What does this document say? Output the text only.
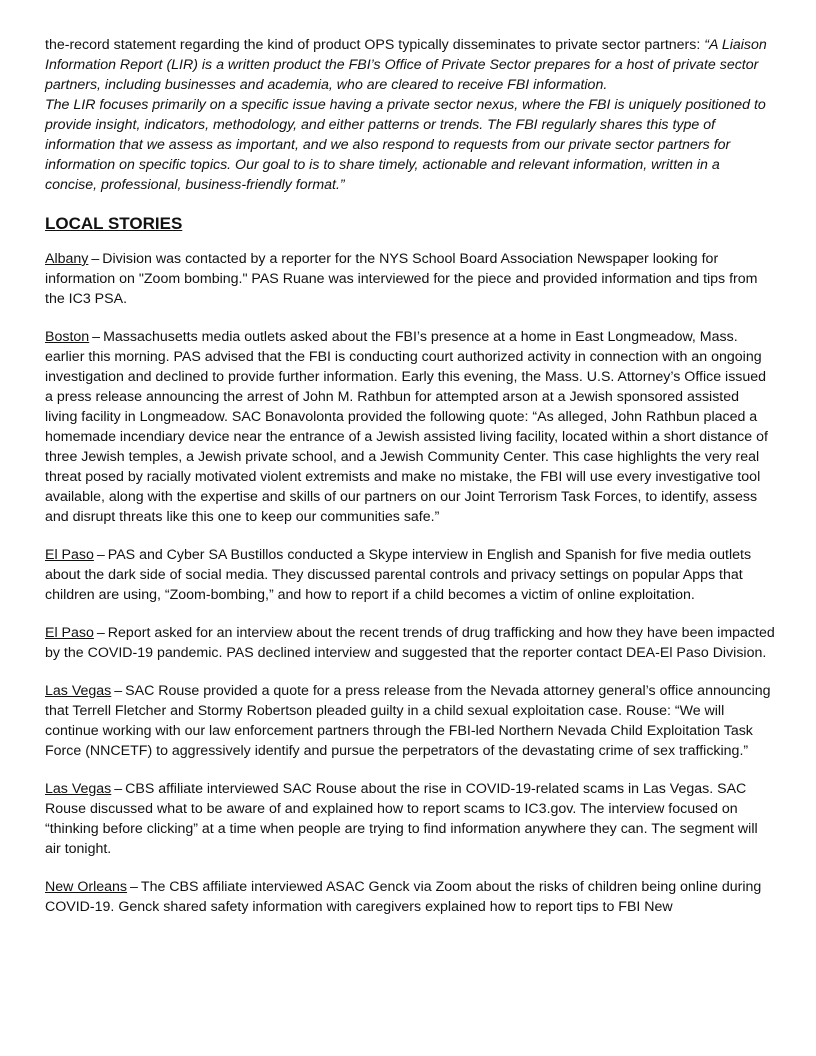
the-record statement regarding the kind of product OPS typically disseminates to private sector partners: “A Liaison Information Report (LIR) is a written product the FBI’s Office of Private Sector prepares for a host of private sector partners, including businesses and academia, who are cleared to receive FBI information.
The LIR focuses primarily on a specific issue having a private sector nexus, where the FBI is uniquely positioned to provide insight, indicators, methodology, and either patterns or trends. The FBI regularly shares this type of information that we assess as important, and we also respond to requests from our private sector partners for information on specific topics. Our goal to is to share timely, actionable and relevant information, written in a concise, professional, business-friendly format.”

LOCAL STORIES

Albany – Division was contacted by a reporter for the NYS School Board Association Newspaper looking for information on "Zoom bombing." PAS Ruane was interviewed for the piece and provided information and tips from the IC3 PSA.

Boston – Massachusetts media outlets asked about the FBI’s presence at a home in East Longmeadow, Mass. earlier this morning. PAS advised that the FBI is conducting court authorized activity in connection with an ongoing investigation and declined to provide further information. Early this evening, the Mass. U.S. Attorney’s Office issued a press release announcing the arrest of John M. Rathbun for attempted arson at a Jewish sponsored assisted living facility in Longmeadow. SAC Bonavolonta provided the following quote: “As alleged, John Rathbun placed a homemade incendiary device near the entrance of a Jewish assisted living facility, located within a short distance of three Jewish temples, a Jewish private school, and a Jewish Community Center. This case highlights the very real threat posed by racially motivated violent extremists and make no mistake, the FBI will use every investigative tool available, along with the expertise and skills of our partners on our Joint Terrorism Task Forces, to identify, assess and disrupt threats like this one to keep our communities safe.”

El Paso – PAS and Cyber SA Bustillos conducted a Skype interview in English and Spanish for five media outlets about the dark side of social media. They discussed parental controls and privacy settings on popular Apps that children are using, “Zoom-bombing,” and how to report if a child becomes a victim of online exploitation.

El Paso – Report asked for an interview about the recent trends of drug trafficking and how they have been impacted by the COVID-19 pandemic. PAS declined interview and suggested that the reporter contact DEA-El Paso Division.

Las Vegas – SAC Rouse provided a quote for a press release from the Nevada attorney general’s office announcing that Terrell Fletcher and Stormy Robertson pleaded guilty in a child sexual exploitation case. Rouse: “We will continue working with our law enforcement partners through the FBI-led Northern Nevada Child Exploitation Task Force (NNCETF) to aggressively identify and pursue the perpetrators of the devastating crime of sex trafficking.”

Las Vegas – CBS affiliate interviewed SAC Rouse about the rise in COVID-19-related scams in Las Vegas. SAC Rouse discussed what to be aware of and explained how to report scams to IC3.gov. The interview focused on “thinking before clicking” at a time when people are trying to find information anywhere they can. The segment will air tonight.

New Orleans – The CBS affiliate interviewed ASAC Genck via Zoom about the risks of children being online during COVID-19. Genck shared safety information with caregivers explained how to report tips to FBI New
